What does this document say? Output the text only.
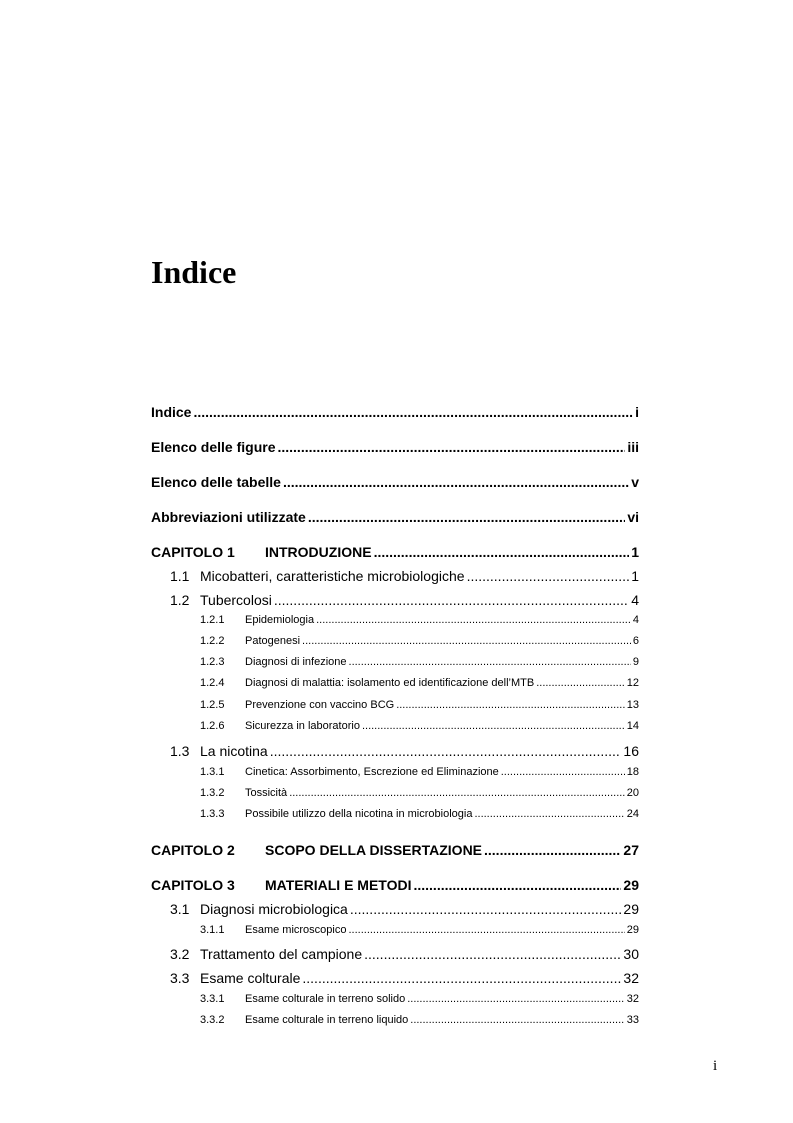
Indice
Indice .....	i
Elenco delle figure .....	iii
Elenco delle tabelle .....	v
Abbreviazioni utilizzate .....	vi
CAPITOLO 1	INTRODUZIONE .....	1
1.1 Micobatteri, caratteristiche microbiologiche .....	1
1.2 Tubercolosi .....	4
1.2.1	Epidemiologia .....	4
1.2.2	Patogenesi .....	6
1.2.3	Diagnosi di infezione .....	9
1.2.4	Diagnosi di malattia: isolamento ed identificazione dell’MTB .....	12
1.2.5	Prevenzione con vaccino BCG .....	13
1.2.6	Sicurezza in laboratorio .....	14
1.3 La nicotina .....	16
1.3.1	Cinetica: Assorbimento, Escrezione ed Eliminazione .....	18
1.3.2	Tossicità .....	20
1.3.3	Possibile utilizzo della nicotina in microbiologia .....	24
CAPITOLO 2	SCOPO DELLA DISSERTAZIONE .....	27
CAPITOLO 3	MATERIALI E METODI .....	29
3.1 Diagnosi microbiologica .....	29
3.1.1	Esame microscopico .....	29
3.2 Trattamento del campione .....	30
3.3 Esame colturale .....	32
3.3.1	Esame colturale in terreno solido .....	32
3.3.2	Esame colturale in terreno liquido .....	33
i
